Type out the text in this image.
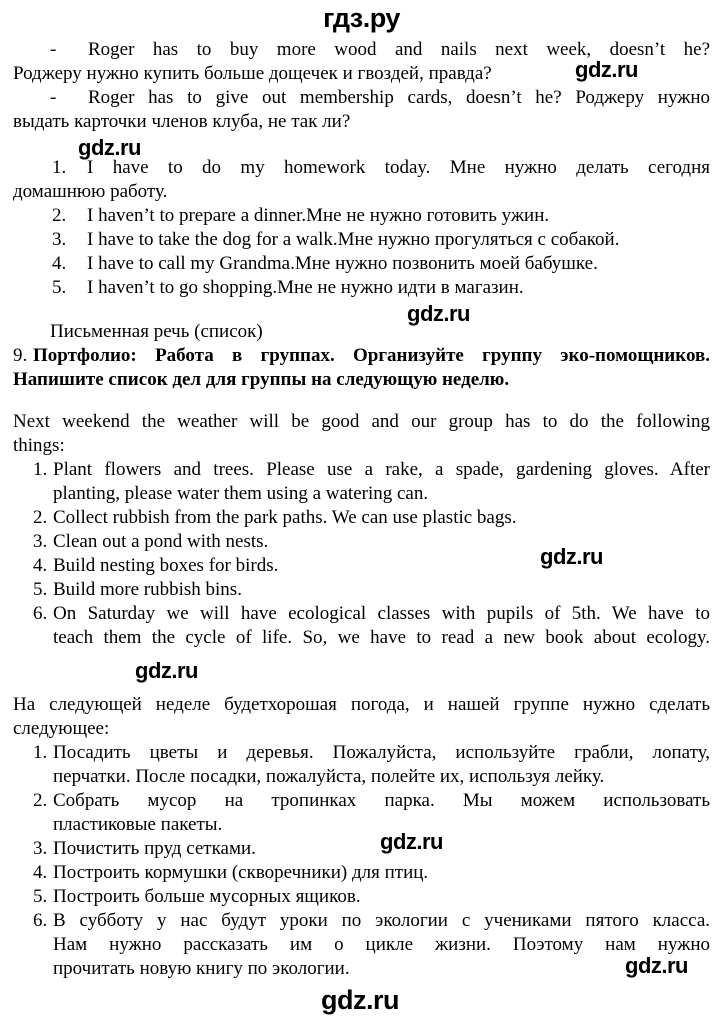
гдз.ру
- Roger has to buy more wood and nails next week, doesn’t he?
Роджеру нужно купить больше дощечек и гвоздей, правда?
- Roger has to give out membership cards, doesn’t he? Роджеру нужно
выдать карточки членов клуба, не так ли?
1. I have to do my homework today. Мне нужно делать сегодня
домашнюю работу.
2. I haven’t to prepare a dinner.Мне не нужно готовить ужин.
3. I have to take the dog for a walk.Мне нужно прогуляться с собакой.
4. I have to call my Grandma.Мне нужно позвонить моей бабушке.
5. I haven’t to go shopping.Мне не нужно идти в магазин.
Письменная речь (список)
9. Портфолио: Работа в группах. Организуйте группу эко-помощников.
Напишите список дел для группы на следующую неделю.
Next weekend the weather will be good and our group has to do the following
things:
1. Plant flowers and trees. Please use a rake, a spade, gardening gloves. After
planting, please water them using a watering can.
2. Collect rubbish from the park paths. We can use plastic bags.
3. Clean out a pond with nests.
4. Build nesting boxes for birds.
5. Build more rubbish bins.
6. On Saturday we will have ecological classes with pupils of 5th. We have to
teach them the cycle of life. So, we have to read a new book about ecology.
На следующей неделе будетхорошая погода, и нашей группе нужно сделать
следующее:
1. Посадить цветы и деревья. Пожалуйста, используйте грабли, лопату,
перчатки. После посадки, пожалуйста, полейте их, используя лейку.
2. Собрать мусор на тропинках парка. Мы можем использовать
пластиковые пакеты.
3. Почистить пруд сетками.
4. Построить кормушки (скворечники) для птиц.
5. Построить больше мусорных ящиков.
6. В субботу у нас будут уроки по экологии с учениками пятого класса.
Нам нужно рассказать им о цикле жизни. Поэтому нам нужно
прочитать новую книгу по экологии.
gdz.ru
gdz.ru
gdz.ru
gdz.ru
gdz.ru
gdz.ru
gdz.ru
gdz.ru
